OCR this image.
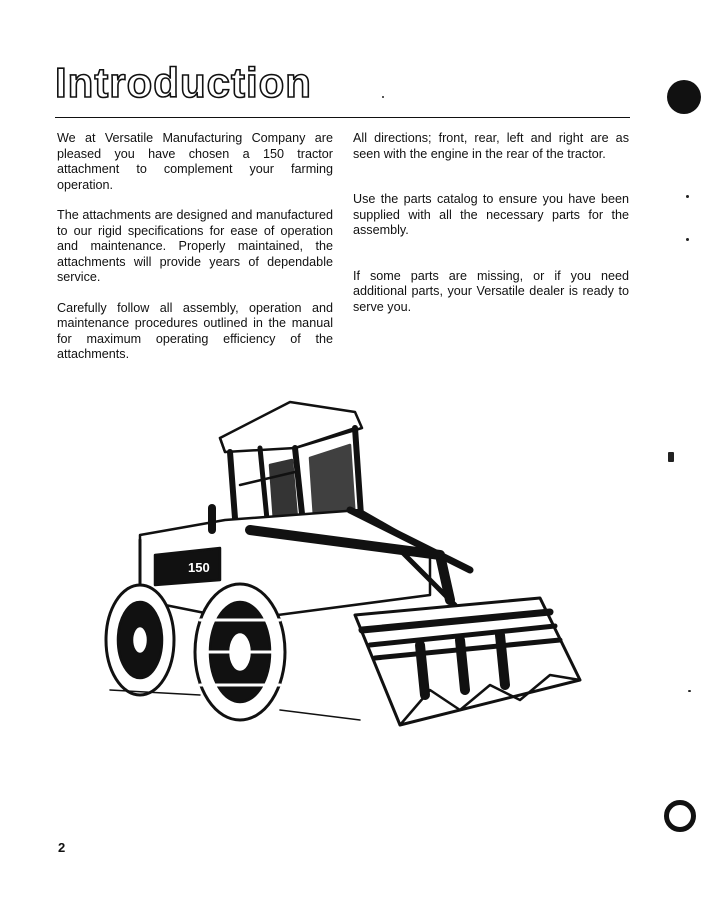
Introduction

We at Versatile Manufacturing Company are pleased you have chosen a 150 tractor attachment to complement your farming operation.

The attachments are designed and manufactured to our rigid specifications for ease of operation and maintenance. Properly maintained, the attachments will provide years of dependable service.

Carefully follow all assembly, operation and maintenance procedures outlined in the manual for maximum operating efficiency of the attachments.

All directions; front, rear, left and right are as seen with the engine in the rear of the tractor.

Use the parts catalog to ensure you have been supplied with all the necessary parts for the assembly.

If some parts are missing, or if you need additional parts, your Versatile dealer is ready to serve you.

150
2
